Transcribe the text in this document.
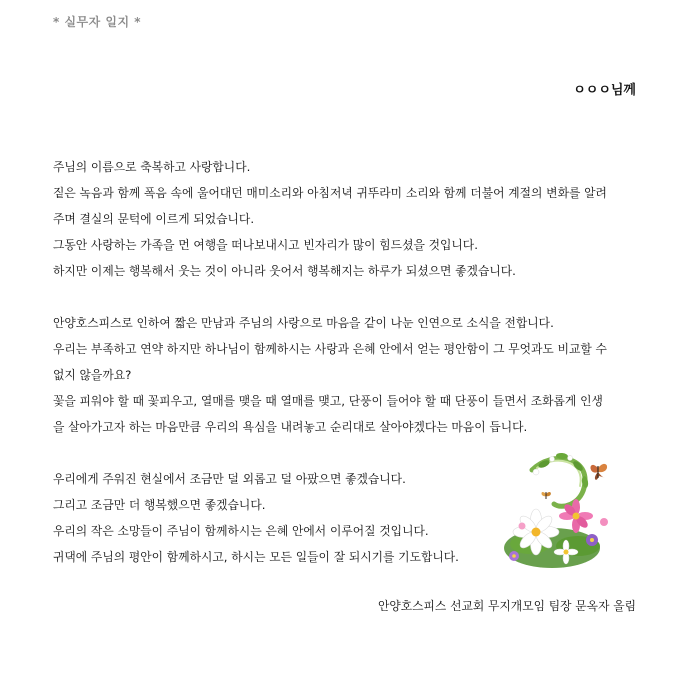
* 실무자 일지 *
ㅇㅇㅇ님께
주님의 이름으로 축복하고 사랑합니다.
짙은 녹음과 함께 폭음 속에 울어대던 매미소리와 아침저녁 귀뚜라미 소리와 함께 더불어 계절의 변화를 알려
주며 결실의 문턱에 이르게 되었습니다.
그동안 사랑하는 가족을 먼 여행을 떠나보내시고 빈자리가 많이 힘드셨을 것입니다.
하지만 이제는 행복해서 웃는 것이 아니라 웃어서 행복해지는 하루가 되셨으면 좋겠습니다.
안양호스피스로 인하여 짧은 만남과 주님의 사랑으로 마음을 같이 나눈 인연으로 소식을 전합니다.
우리는 부족하고 연약 하지만 하나님이 함께하시는 사랑과 은혜 안에서 얻는 평안함이 그 무엇과도 비교할 수
없지 않을까요?
꽃을 피워야 할 때 꽃피우고, 열매를 맺을 때 열매를 맺고, 단풍이 들어야 할 때 단풍이 들면서 조화롭게 인생
을 살아가고자 하는 마음만큼 우리의 욕심을 내려놓고 순리대로 살아야겠다는 마음이 듭니다.
우리에게 주워진 현실에서 조금만 덜 외롭고 덜 아팠으면 좋겠습니다.
그리고 조금만 더 행복했으면 좋겠습니다.
우리의 작은 소망들이 주님이 함께하시는 은혜 안에서 이루어질 것입니다.
귀댁에 주님의 평안이 함께하시고, 하시는 모든 일들이 잘 되시기를 기도합니다.
안양호스피스 선교회 무지개모임 팀장 문옥자 올림
